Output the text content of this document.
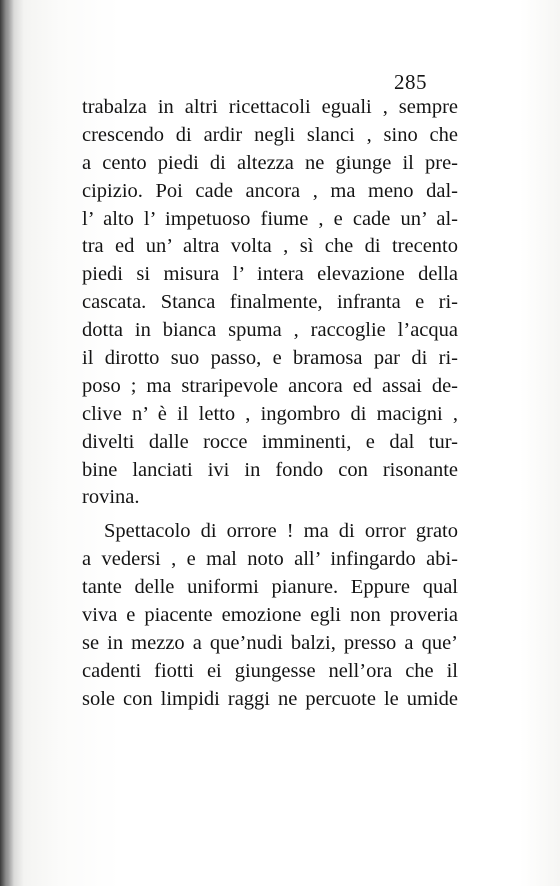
285
trabalza in altri ricettacoli eguali , sempre
crescendo di ardir negli slanci , sino che
a cento piedi di altezza ne giunge il pre-
cipizio. Poi cade ancora , ma meno dal-
l’ alto l’ impetuoso fiume , e cade un’ al-
tra ed un’ altra volta , sì che di trecento
piedi si misura l’ intera elevazione della
cascata. Stanca finalmente, infranta e ri-
dotta in bianca spuma , raccoglie l’acqua
il dirotto suo passo, e bramosa par di ri-
poso ; ma straripevole ancora ed assai de-
clive n’ è il letto , ingombro di macigni ,
divelti dalle rocce imminenti, e dal tur-
bine lanciati ivi in fondo con risonante
rovina.
Spettacolo di orrore ! ma di orror grato
a vedersi , e mal noto all’ infingardo abi-
tante delle uniformi pianure. Eppure qual
viva e piacente emozione egli non proveria
se in mezzo a que’nudi balzi, presso a que’
cadenti fiotti ei giungesse nell’ora che il
sole con limpidi raggi ne percuote le umide
